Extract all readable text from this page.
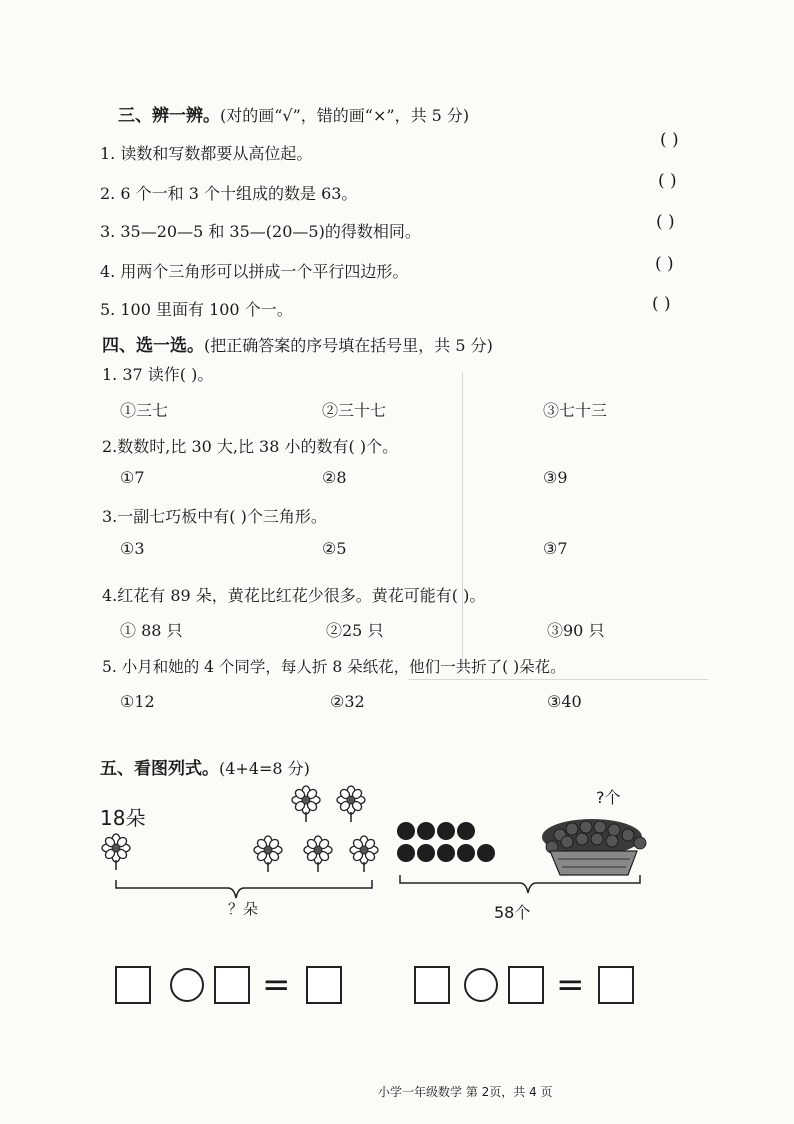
三、辨一辨。(对的画“√”，错的画“×”，共 5 分)
1. 读数和写数都要从高位起。
( )
2. 6 个一和 3 个十组成的数是 63。
( )
3. 35—20—5 和 35—(20—5)的得数相同。	( )
4. 用两个三角形可以拼成一个平行四边形。	( )
5. 100 里面有 100 个一。	( )
四、选一选。(把正确答案的序号填在括号里，共 5 分)
1. 37 读作( )。
①三七	②三十七	③七十三
2.数数时,比 30 大,比 38 小的数有( )个。
①7	②8	③9
3.一副七巧板中有( )个三角形。
①3	②5	③7
4.红花有 89 朵，黄花比红花少很多。黄花可能有( )。
① 88 只	②25 只	③90 只
5. 小月和她的 4 个同学，每人折 8 朵纸花，他们一共折了( )朵花。
①12	②32	③40
五、看图列式。(4+4=8 分)
18朵
？朵
?个
58个
=	=
小学一年级数学 第 2页，共 4 页
